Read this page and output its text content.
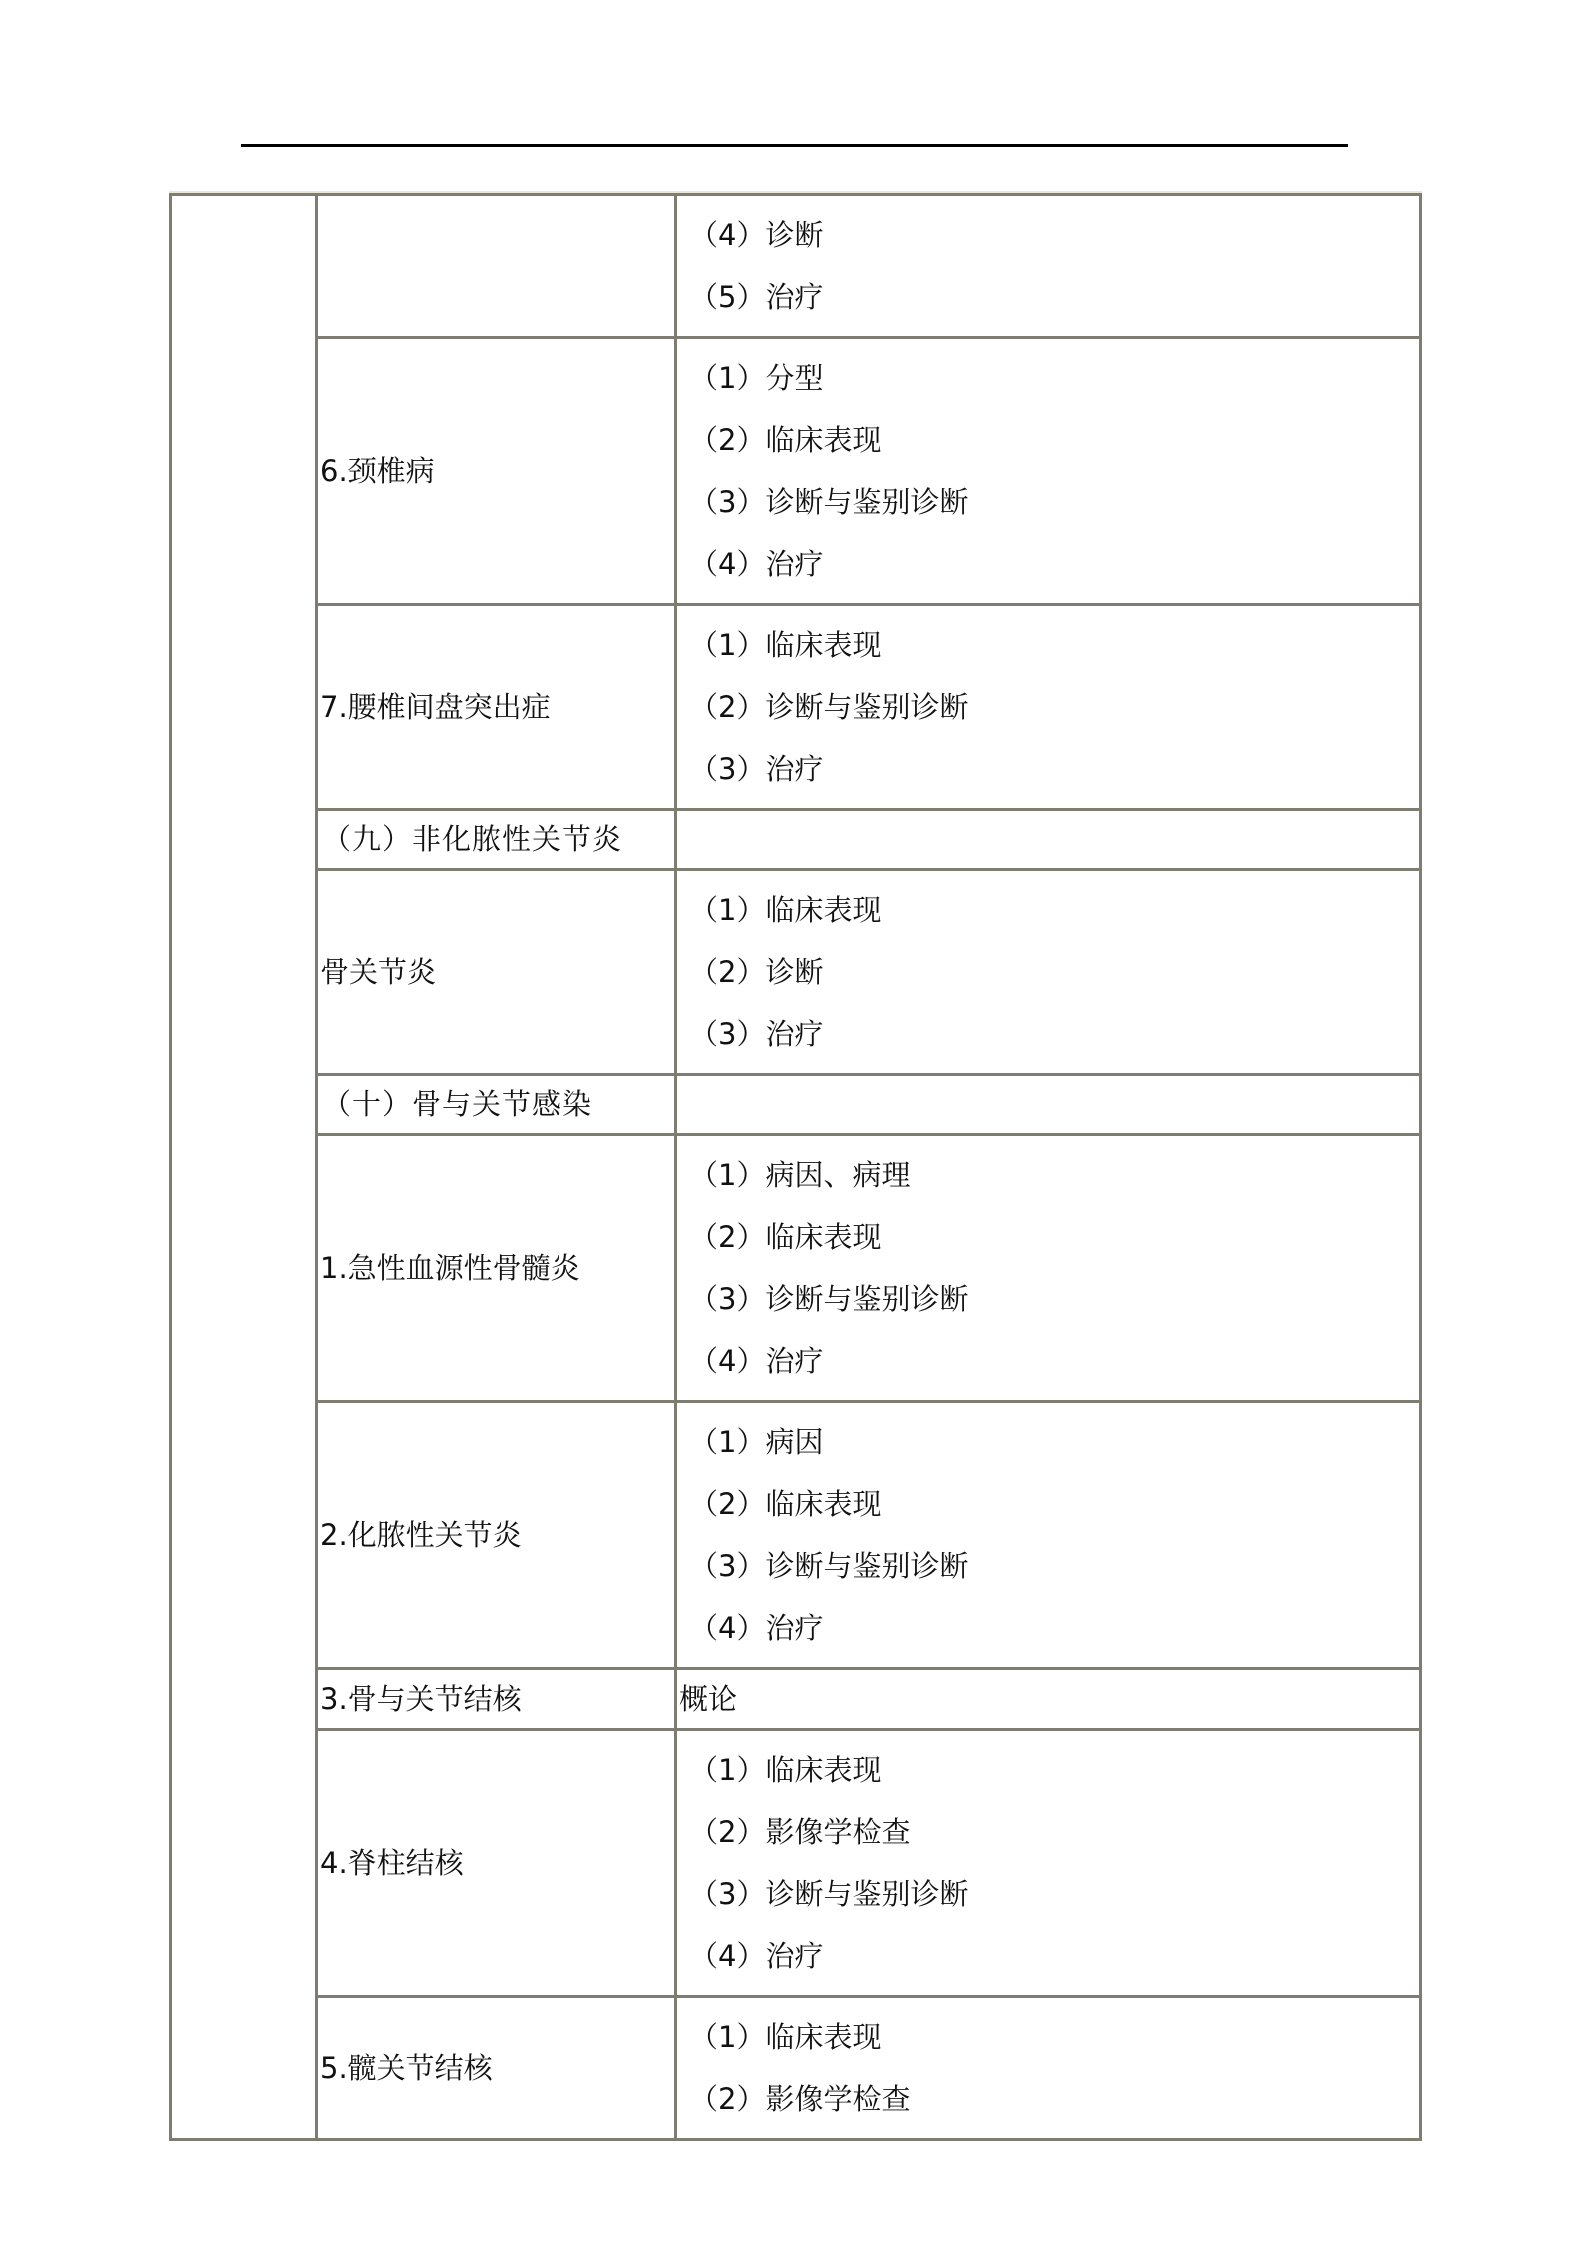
		（4）诊断
（5）治疗

	6.颈椎病	（1）分型
（2）临床表现
（3）诊断与鉴别诊断
（4）治疗

	7.腰椎间盘突出症	（1）临床表现
（2）诊断与鉴别诊断
（3）治疗

	（九）非化脓性关节炎	
	骨关节炎	（1）临床表现
（2）诊断
（3）治疗

	（十）骨与关节感染	
	1.急性血源性骨髓炎	（1）病因、病理
（2）临床表现
（3）诊断与鉴别诊断
（4）治疗

	2.化脓性关节炎	（1）病因
（2）临床表现
（3）诊断与鉴别诊断
（4）治疗

	3.骨与关节结核	概论
	4.脊柱结核	（1）临床表现
（2）影像学检查
（3）诊断与鉴别诊断
（4）治疗

	5.髋关节结核	（1）临床表现
（2）影像学检查
